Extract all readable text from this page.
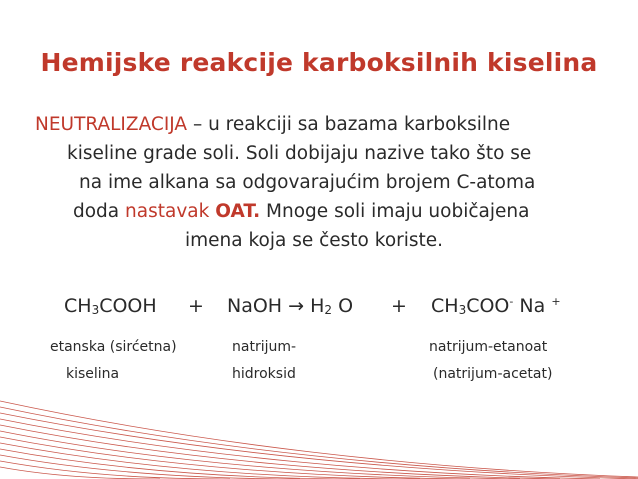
Hemijske reakcije karboksilnih kiselina
NEUTRALIZACIJA – u reakciji sa bazama karboksilne
kiseline grade soli. Soli dobijaju nazive tako što se
na ime alkana sa odgovarajućim brojem C-atoma
doda nastavak OAT. Mnoge soli imaju uobičajena
imena koja se često koriste.
$CH_3COOH$ + NaOH → $H_2$ $O + CH_3COO^-$ Na +
etanska (sirćetna)
kiselina
natrijum-
hidroksid
natrijum-etanoat
(natrijum-acetat)
